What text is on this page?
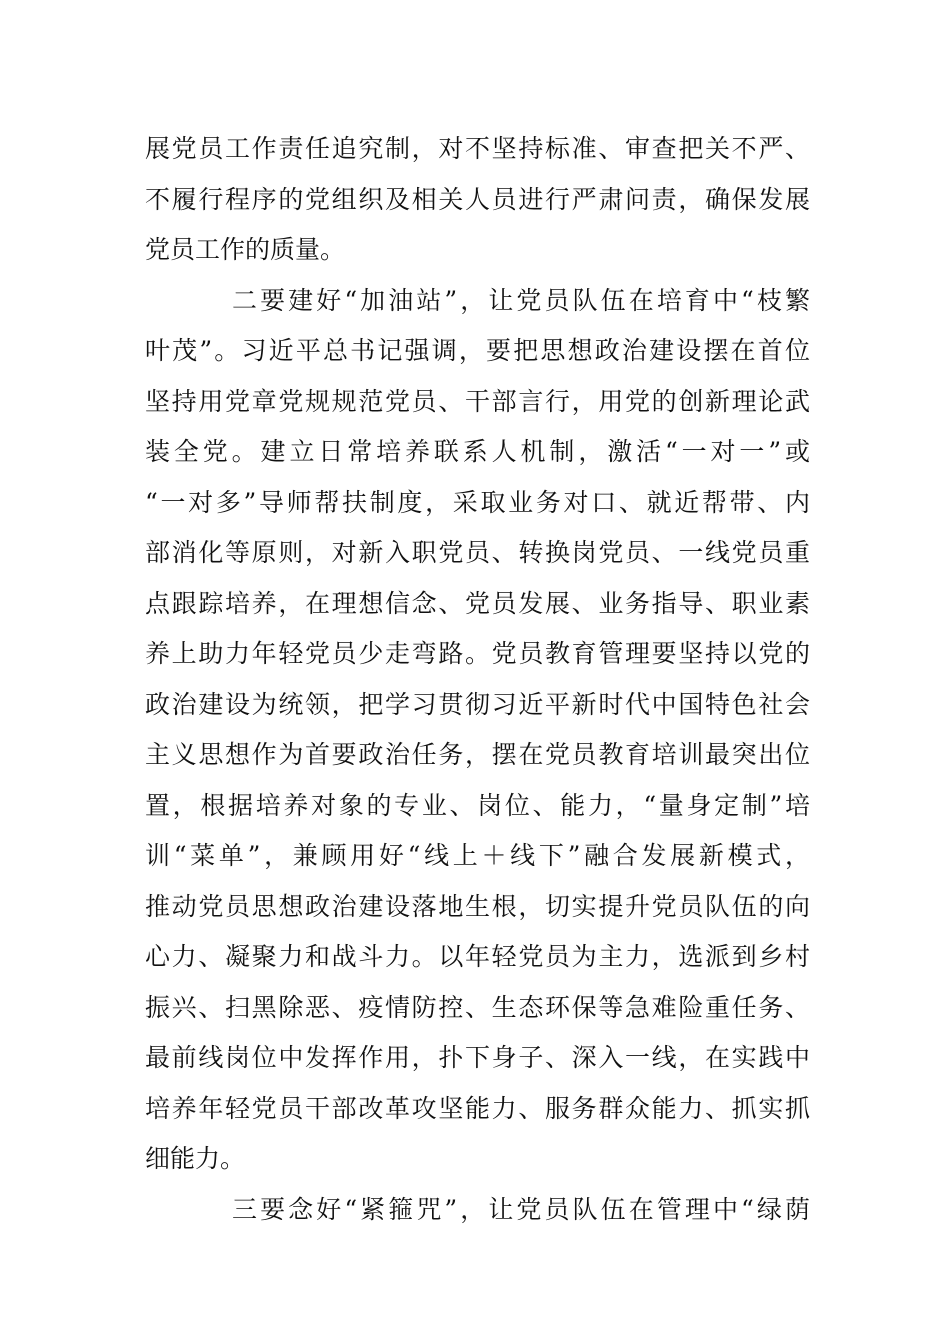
展党员工作责任追究制，对不坚持标准、审查把关不严、
不履行程序的党组织及相关人员进行严肃问责，确保发展
党员工作的质量。
二要建好“加油站”，让党员队伍在培育中“枝繁
叶茂”。习近平总书记强调，要把思想政治建设摆在首位
坚持用党章党规规范党员、干部言行，用党的创新理论武
装全党。建立日常培养联系人机制，激活“一对一”或
“一对多”导师帮扶制度，采取业务对口、就近帮带、内
部消化等原则，对新入职党员、转换岗党员、一线党员重
点跟踪培养，在理想信念、党员发展、业务指导、职业素
养上助力年轻党员少走弯路。党员教育管理要坚持以党的
政治建设为统领，把学习贯彻习近平新时代中国特色社会
主义思想作为首要政治任务，摆在党员教育培训最突出位
置，根据培养对象的专业、岗位、能力，“量身定制”培
训“菜单”，兼顾用好“线上＋线下”融合发展新模式，
推动党员思想政治建设落地生根，切实提升党员队伍的向
心力、凝聚力和战斗力。以年轻党员为主力，选派到乡村
振兴、扫黑除恶、疫情防控、生态环保等急难险重任务、
最前线岗位中发挥作用，扑下身子、深入一线，在实践中
培养年轻党员干部改革攻坚能力、服务群众能力、抓实抓
细能力。
三要念好“紧箍咒”，让党员队伍在管理中“绿荫
